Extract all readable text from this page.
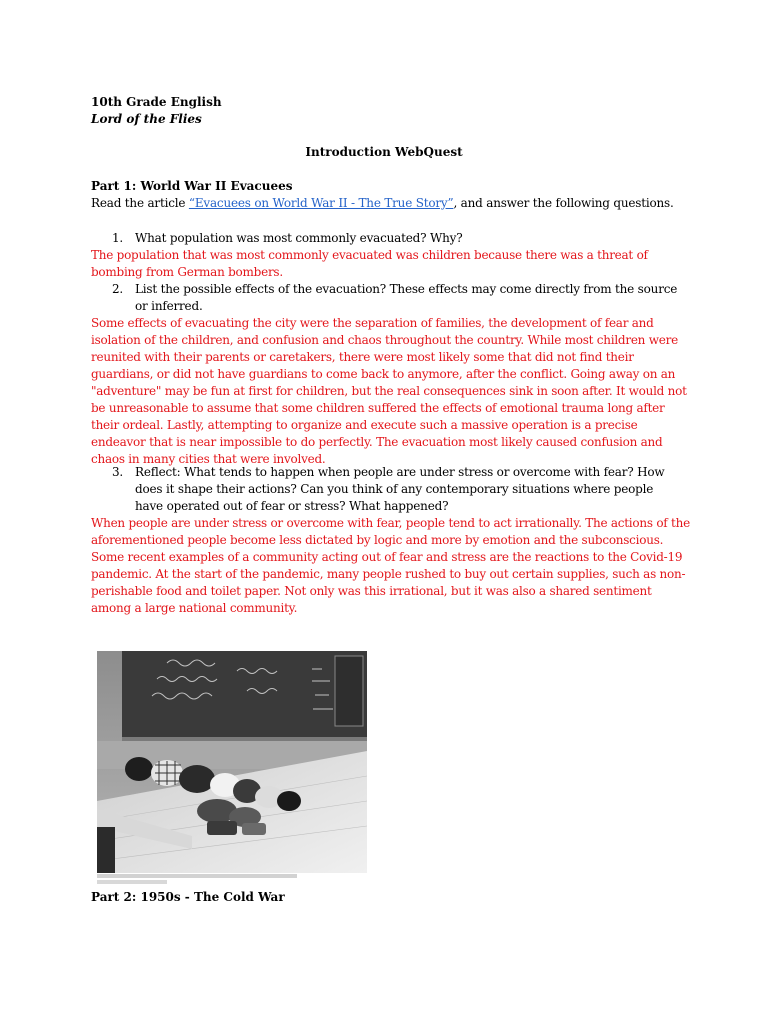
10th Grade English
Lord of the Flies
Introduction WebQuest
Part 1: World War II Evacuees
Read the article “Evacuees on World War II - The True Story”, and answer the following questions.
1. What population was most commonly evacuated? Why?
The population that was most commonly evacuated was children because there was a threat of bombing from German bombers.
2. List the possible effects of the evacuation? These effects may come directly from the source or inferred.
Some effects of evacuating the city were the separation of families, the development of fear and isolation of the children, and confusion and chaos throughout the country. While most children were reunited with their parents or caretakers, there were most likely some that did not find their guardians, or did not have guardians to come back to anymore, after the conflict. Going away on an "adventure" may be fun at first for children, but the real consequences sink in soon after. It would not be unreasonable to assume that some children suffered the effects of emotional trauma long after their ordeal. Lastly, attempting to organize and execute such a massive operation is a precise endeavor that is near impossible to do perfectly. The evacuation most likely caused confusion and chaos in many cities that were involved.
3. Reflect: What tends to happen when people are under stress or overcome with fear? How does it shape their actions? Can you think of any contemporary situations where people have operated out of fear or stress? What happened?
When people are under stress or overcome with fear, people tend to act irrationally. The actions of the aforementioned people become less dictated by logic and more by emotion and the subconscious. Some recent examples of a community acting out of fear and stress are the reactions to the Covid-19 pandemic. At the start of the pandemic, many people rushed to buy out certain supplies, such as non-perishable food and toilet paper. Not only was this irrational, but it was also a shared sentiment among a large national community.
Part 2: 1950s - The Cold War
